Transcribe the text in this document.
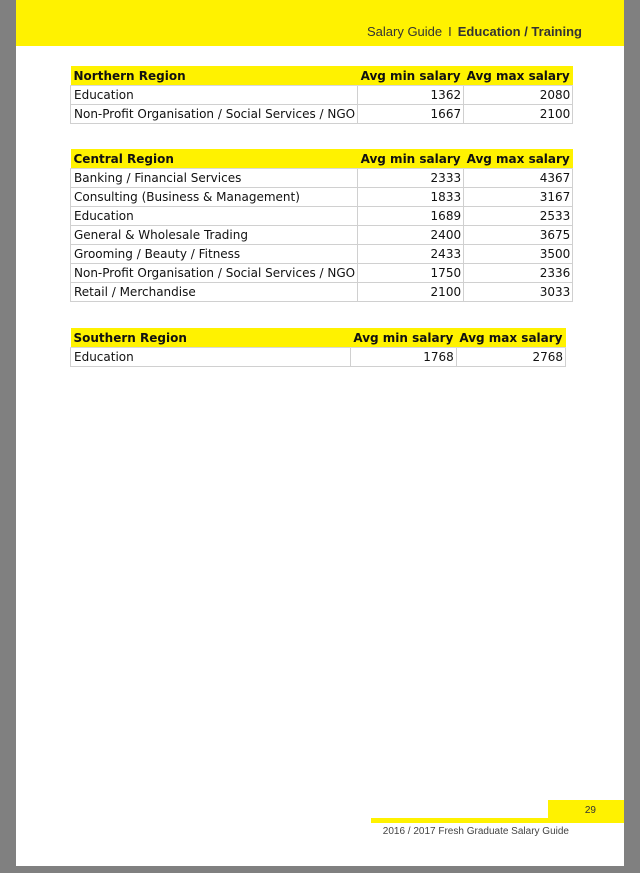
Salary Guide I Education / Training
Northern Region	Avg min salary	Avg max salary
Education	1362	2080
Non-Profit Organisation / Social Services / NGO	1667	2100
Central Region	Avg min salary	Avg max salary
Banking / Financial Services	2333	4367
Consulting (Business & Management)	1833	3167
Education	1689	2533
General & Wholesale Trading	2400	3675
Grooming / Beauty / Fitness	2433	3500
Non-Profit Organisation / Social Services / NGO	1750	2336
Retail / Merchandise	2100	3033
Southern Region	Avg min salary	Avg max salary
Education	1768	2768
29
2016 / 2017 Fresh Graduate Salary Guide
